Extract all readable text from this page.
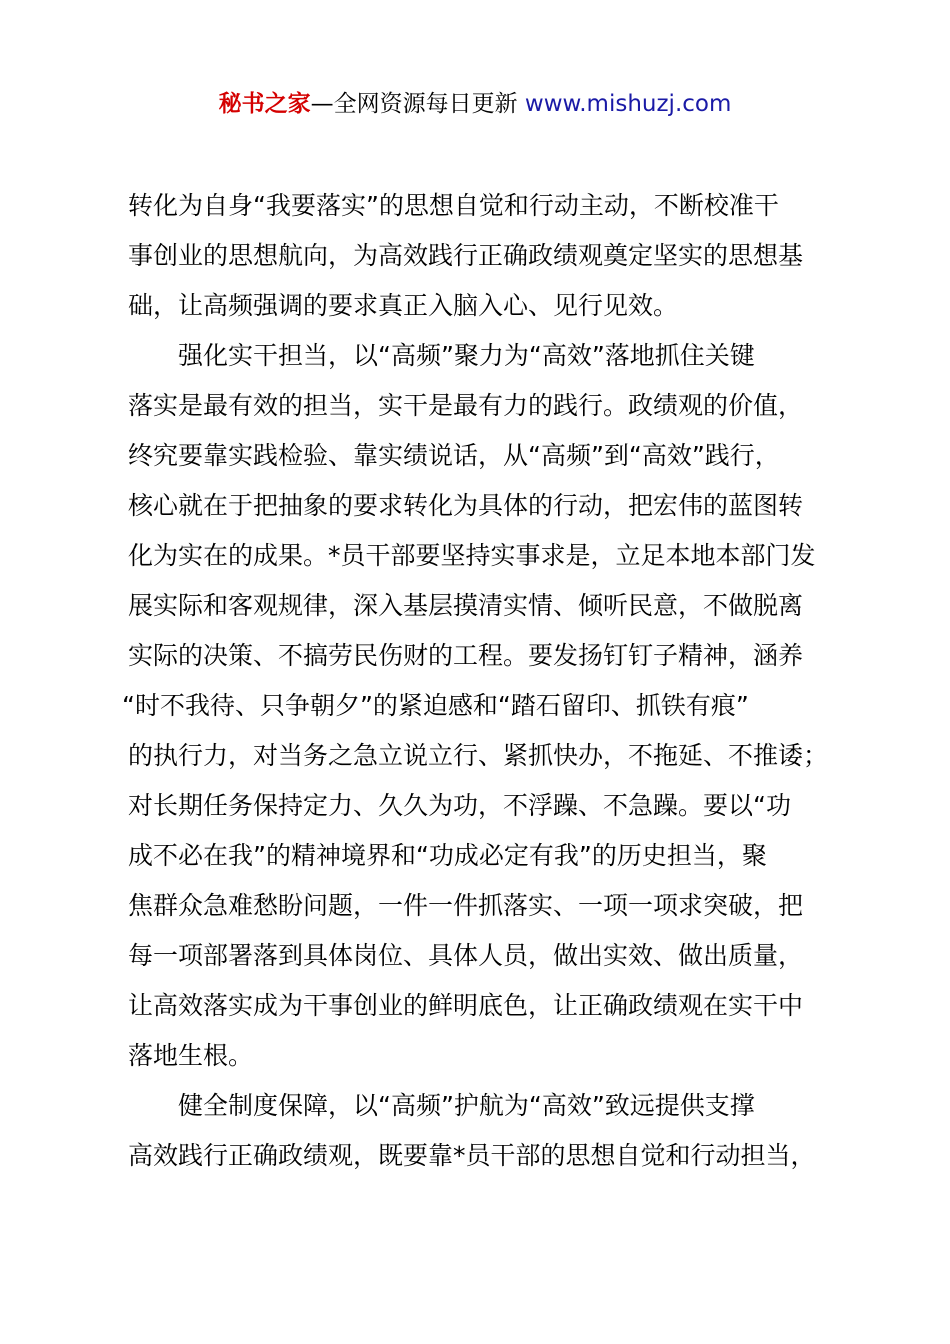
秘书之家—全网资源每日更新 www.mishuzj.com
转化为自身“我要落实”的思想自觉和行动主动，不断校准干
事创业的思想航向，为高效践行正确政绩观奠定坚实的思想基
础，让高频强调的要求真正入脑入心、见行见效。
强化实干担当，以“高频”聚力为“高效”落地抓住关键
落实是最有效的担当，实干是最有力的践行。政绩观的价值，
终究要靠实践检验、靠实绩说话，从“高频”到“高效”践行，
核心就在于把抽象的要求转化为具体的行动，把宏伟的蓝图转
化为实在的成果。*员干部要坚持实事求是，立足本地本部门发
展实际和客观规律，深入基层摸清实情、倾听民意，不做脱离
实际的决策、不搞劳民伤财的工程。要发扬钉钉子精神，涵养
“时不我待、只争朝夕”的紧迫感和“踏石留印、抓铁有痕”
的执行力，对当务之急立说立行、紧抓快办，不拖延、不推诿；
对长期任务保持定力、久久为功，不浮躁、不急躁。要以“功
成不必在我”的精神境界和“功成必定有我”的历史担当，聚
焦群众急难愁盼问题，一件一件抓落实、一项一项求突破，把
每一项部署落到具体岗位、具体人员，做出实效、做出质量，
让高效落实成为干事创业的鲜明底色，让正确政绩观在实干中
落地生根。
健全制度保障，以“高频”护航为“高效”致远提供支撑
高效践行正确政绩观，既要靠*员干部的思想自觉和行动担当，
